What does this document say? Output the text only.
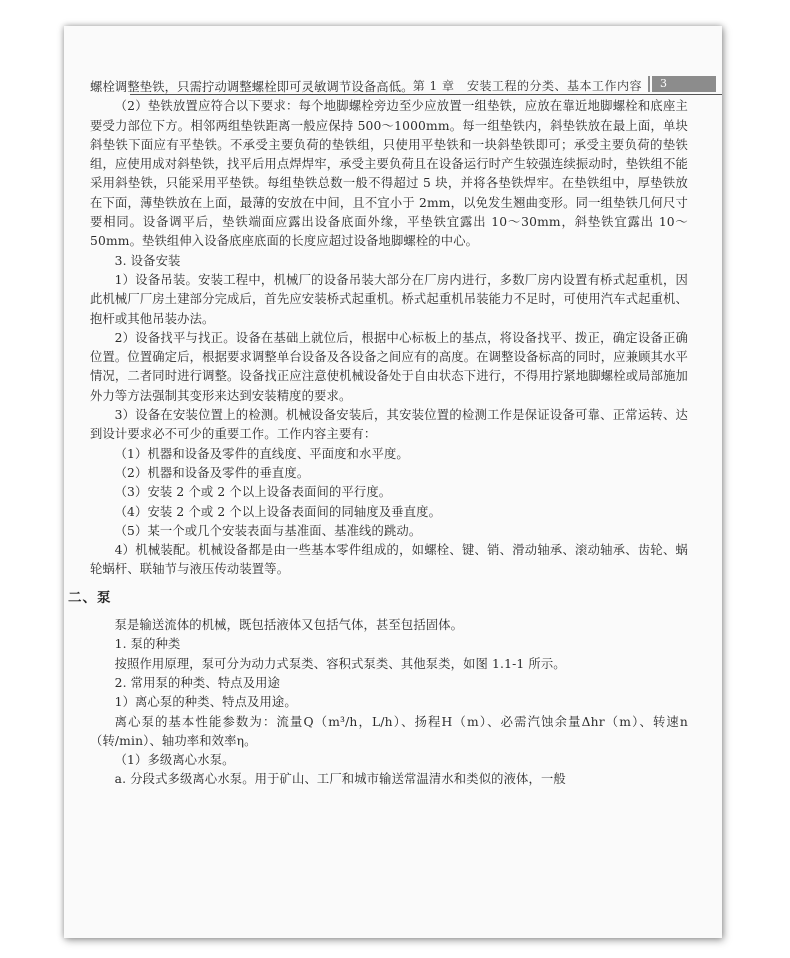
第 1 章　安装工程的分类、基本工作内容	3

螺栓调整垫铁，只需拧动调整螺栓即可灵敏调节设备高低。

（2）垫铁放置应符合以下要求：每个地脚螺栓旁边至少应放置一组垫铁，应放在靠近地脚螺栓和底座主要受力部位下方。相邻两组垫铁距离一般应保持 500～1000mm。每一组垫铁内，斜垫铁放在最上面，单块斜垫铁下面应有平垫铁。不承受主要负荷的垫铁组，只使用平垫铁和一块斜垫铁即可；承受主要负荷的垫铁组，应使用成对斜垫铁，找平后用点焊焊牢，承受主要负荷且在设备运行时产生较强连续振动时，垫铁组不能采用斜垫铁，只能采用平垫铁。每组垫铁总数一般不得超过 5 块，并将各垫铁焊牢。在垫铁组中，厚垫铁放在下面，薄垫铁放在上面，最薄的安放在中间，且不宜小于 2mm，以免发生翘曲变形。同一组垫铁几何尺寸要相同。设备调平后，垫铁端面应露出设备底面外缘，平垫铁宜露出 10～30mm，斜垫铁宜露出 10～50mm。垫铁组伸入设备底座底面的长度应超过设备地脚螺栓的中心。

3. 设备安装

1）设备吊装。安装工程中，机械厂的设备吊装大部分在厂房内进行，多数厂房内设置有桥式起重机，因此机械厂厂房土建部分完成后，首先应安装桥式起重机。桥式起重机吊装能力不足时，可使用汽车式起重机、抱杆或其他吊装办法。

2）设备找平与找正。设备在基础上就位后，根据中心标板上的基点，将设备找平、拨正，确定设备正确位置。位置确定后，根据要求调整单台设备及各设备之间应有的高度。在调整设备标高的同时，应兼顾其水平情况，二者同时进行调整。设备找正应注意使机械设备处于自由状态下进行，不得用拧紧地脚螺栓或局部施加外力等方法强制其变形来达到安装精度的要求。

3）设备在安装位置上的检测。机械设备安装后，其安装位置的检测工作是保证设备可靠、正常运转、达到设计要求必不可少的重要工作。工作内容主要有：

（1）机器和设备及零件的直线度、平面度和水平度。

（2）机器和设备及零件的垂直度。

（3）安装 2 个或 2 个以上设备表面间的平行度。

（4）安装 2 个或 2 个以上设备表面间的同轴度及垂直度。

（5）某一个或几个安装表面与基准面、基准线的跳动。

4）机械装配。机械设备都是由一些基本零件组成的，如螺栓、键、销、滑动轴承、滚动轴承、齿轮、蜗轮蜗杆、联轴节与液压传动装置等。

二、泵

泵是输送流体的机械，既包括液体又包括气体，甚至包括固体。

1. 泵的种类

按照作用原理，泵可分为动力式泵类、容积式泵类、其他泵类，如图 1.1-1 所示。

2. 常用泵的种类、特点及用途

1）离心泵的种类、特点及用途。

离心泵的基本性能参数为：流量Q（m³/h，L/h）、扬程H（m）、必需汽蚀余量Δhr（m）、转速n（转/min）、轴功率和效率η。

（1）多级离心水泵。

a. 分段式多级离心水泵。用于矿山、工厂和城市输送常温清水和类似的液体，一般
